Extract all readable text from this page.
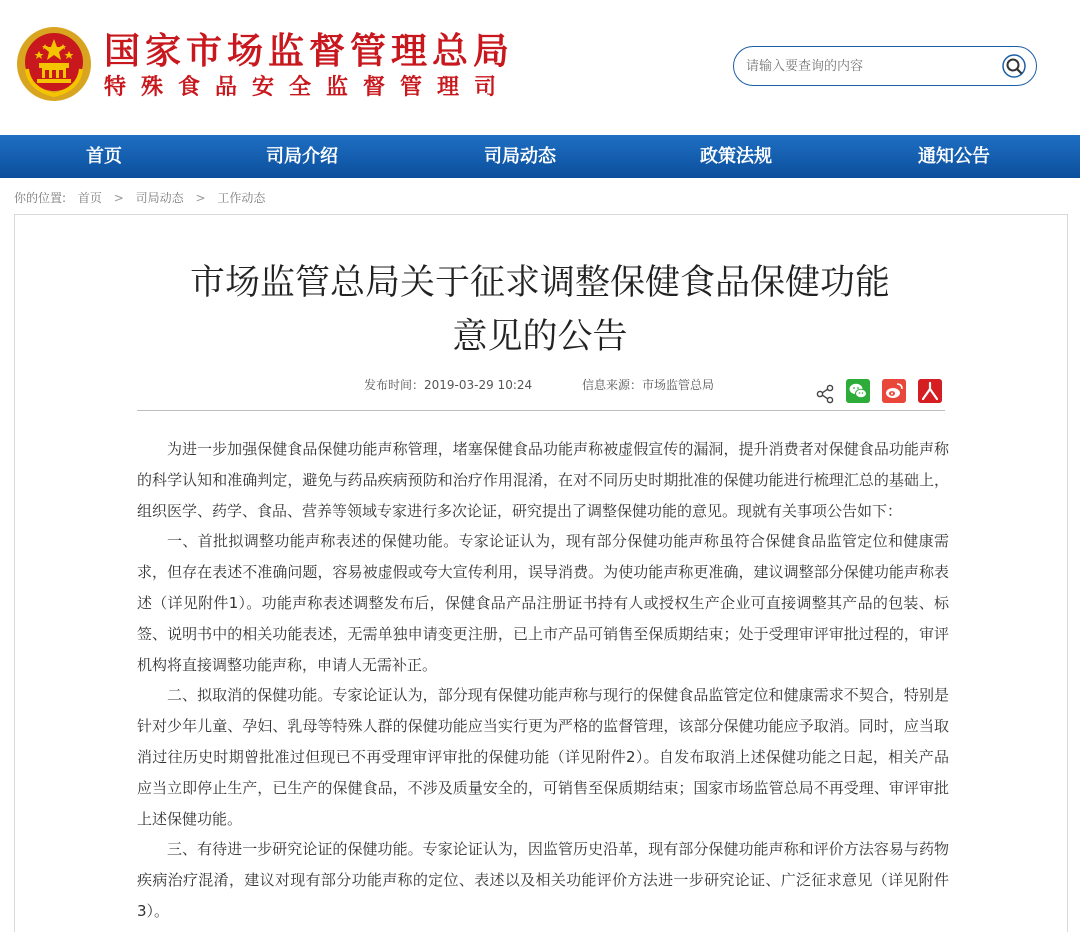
国家市场监督管理总局
特殊食品安全监督管理司
请输入要查询的内容
首页	司局介绍	司局动态	政策法规	通知公告
你的位置: 首页 > 司局动态 > 工作动态
市场监管总局关于征求调整保健食品保健功能
意见的公告
发布时间：2019-03-29 10:24	信息来源：市场监管总局

为进一步加强保健食品保健功能声称管理，堵塞保健食品功能声称被虚假宣传的漏洞，提升消费者对保健食品功能声称的科学认知和准确判定，避免与药品疾病预防和治疗作用混淆，在对不同历史时期批准的保健功能进行梳理汇总的基础上，组织医学、药学、食品、营养等领域专家进行多次论证，研究提出了调整保健功能的意见。现就有关事项公告如下：

一、首批拟调整功能声称表述的保健功能。专家论证认为，现有部分保健功能声称虽符合保健食品监管定位和健康需求，但存在表述不准确问题，容易被虚假或夸大宣传利用，误导消费。为使功能声称更准确，建议调整部分保健功能声称表述（详见附件1）。功能声称表述调整发布后，保健食品产品注册证书持有人或授权生产企业可直接调整其产品的包装、标签、说明书中的相关功能表述，无需单独申请变更注册，已上市产品可销售至保质期结束；处于受理审评审批过程的，审评机构将直接调整功能声称，申请人无需补正。

二、拟取消的保健功能。专家论证认为，部分现有保健功能声称与现行的保健食品监管定位和健康需求不契合，特别是针对少年儿童、孕妇、乳母等特殊人群的保健功能应当实行更为严格的监督管理，该部分保健功能应予取消。同时，应当取消过往历史时期曾批准过但现已不再受理审评审批的保健功能（详见附件2）。自发布取消上述保健功能之日起，相关产品应当立即停止生产，已生产的保健食品，不涉及质量安全的，可销售至保质期结束；国家市场监管总局不再受理、审评审批上述保健功能。

三、有待进一步研究论证的保健功能。专家论证认为，因监管历史沿革，现有部分保健功能声称和评价方法容易与药物疾病治疗混淆，建议对现有部分功能声称的定位、表述以及相关功能评价方法进一步研究论证、广泛征求意见（详见附件3）。
